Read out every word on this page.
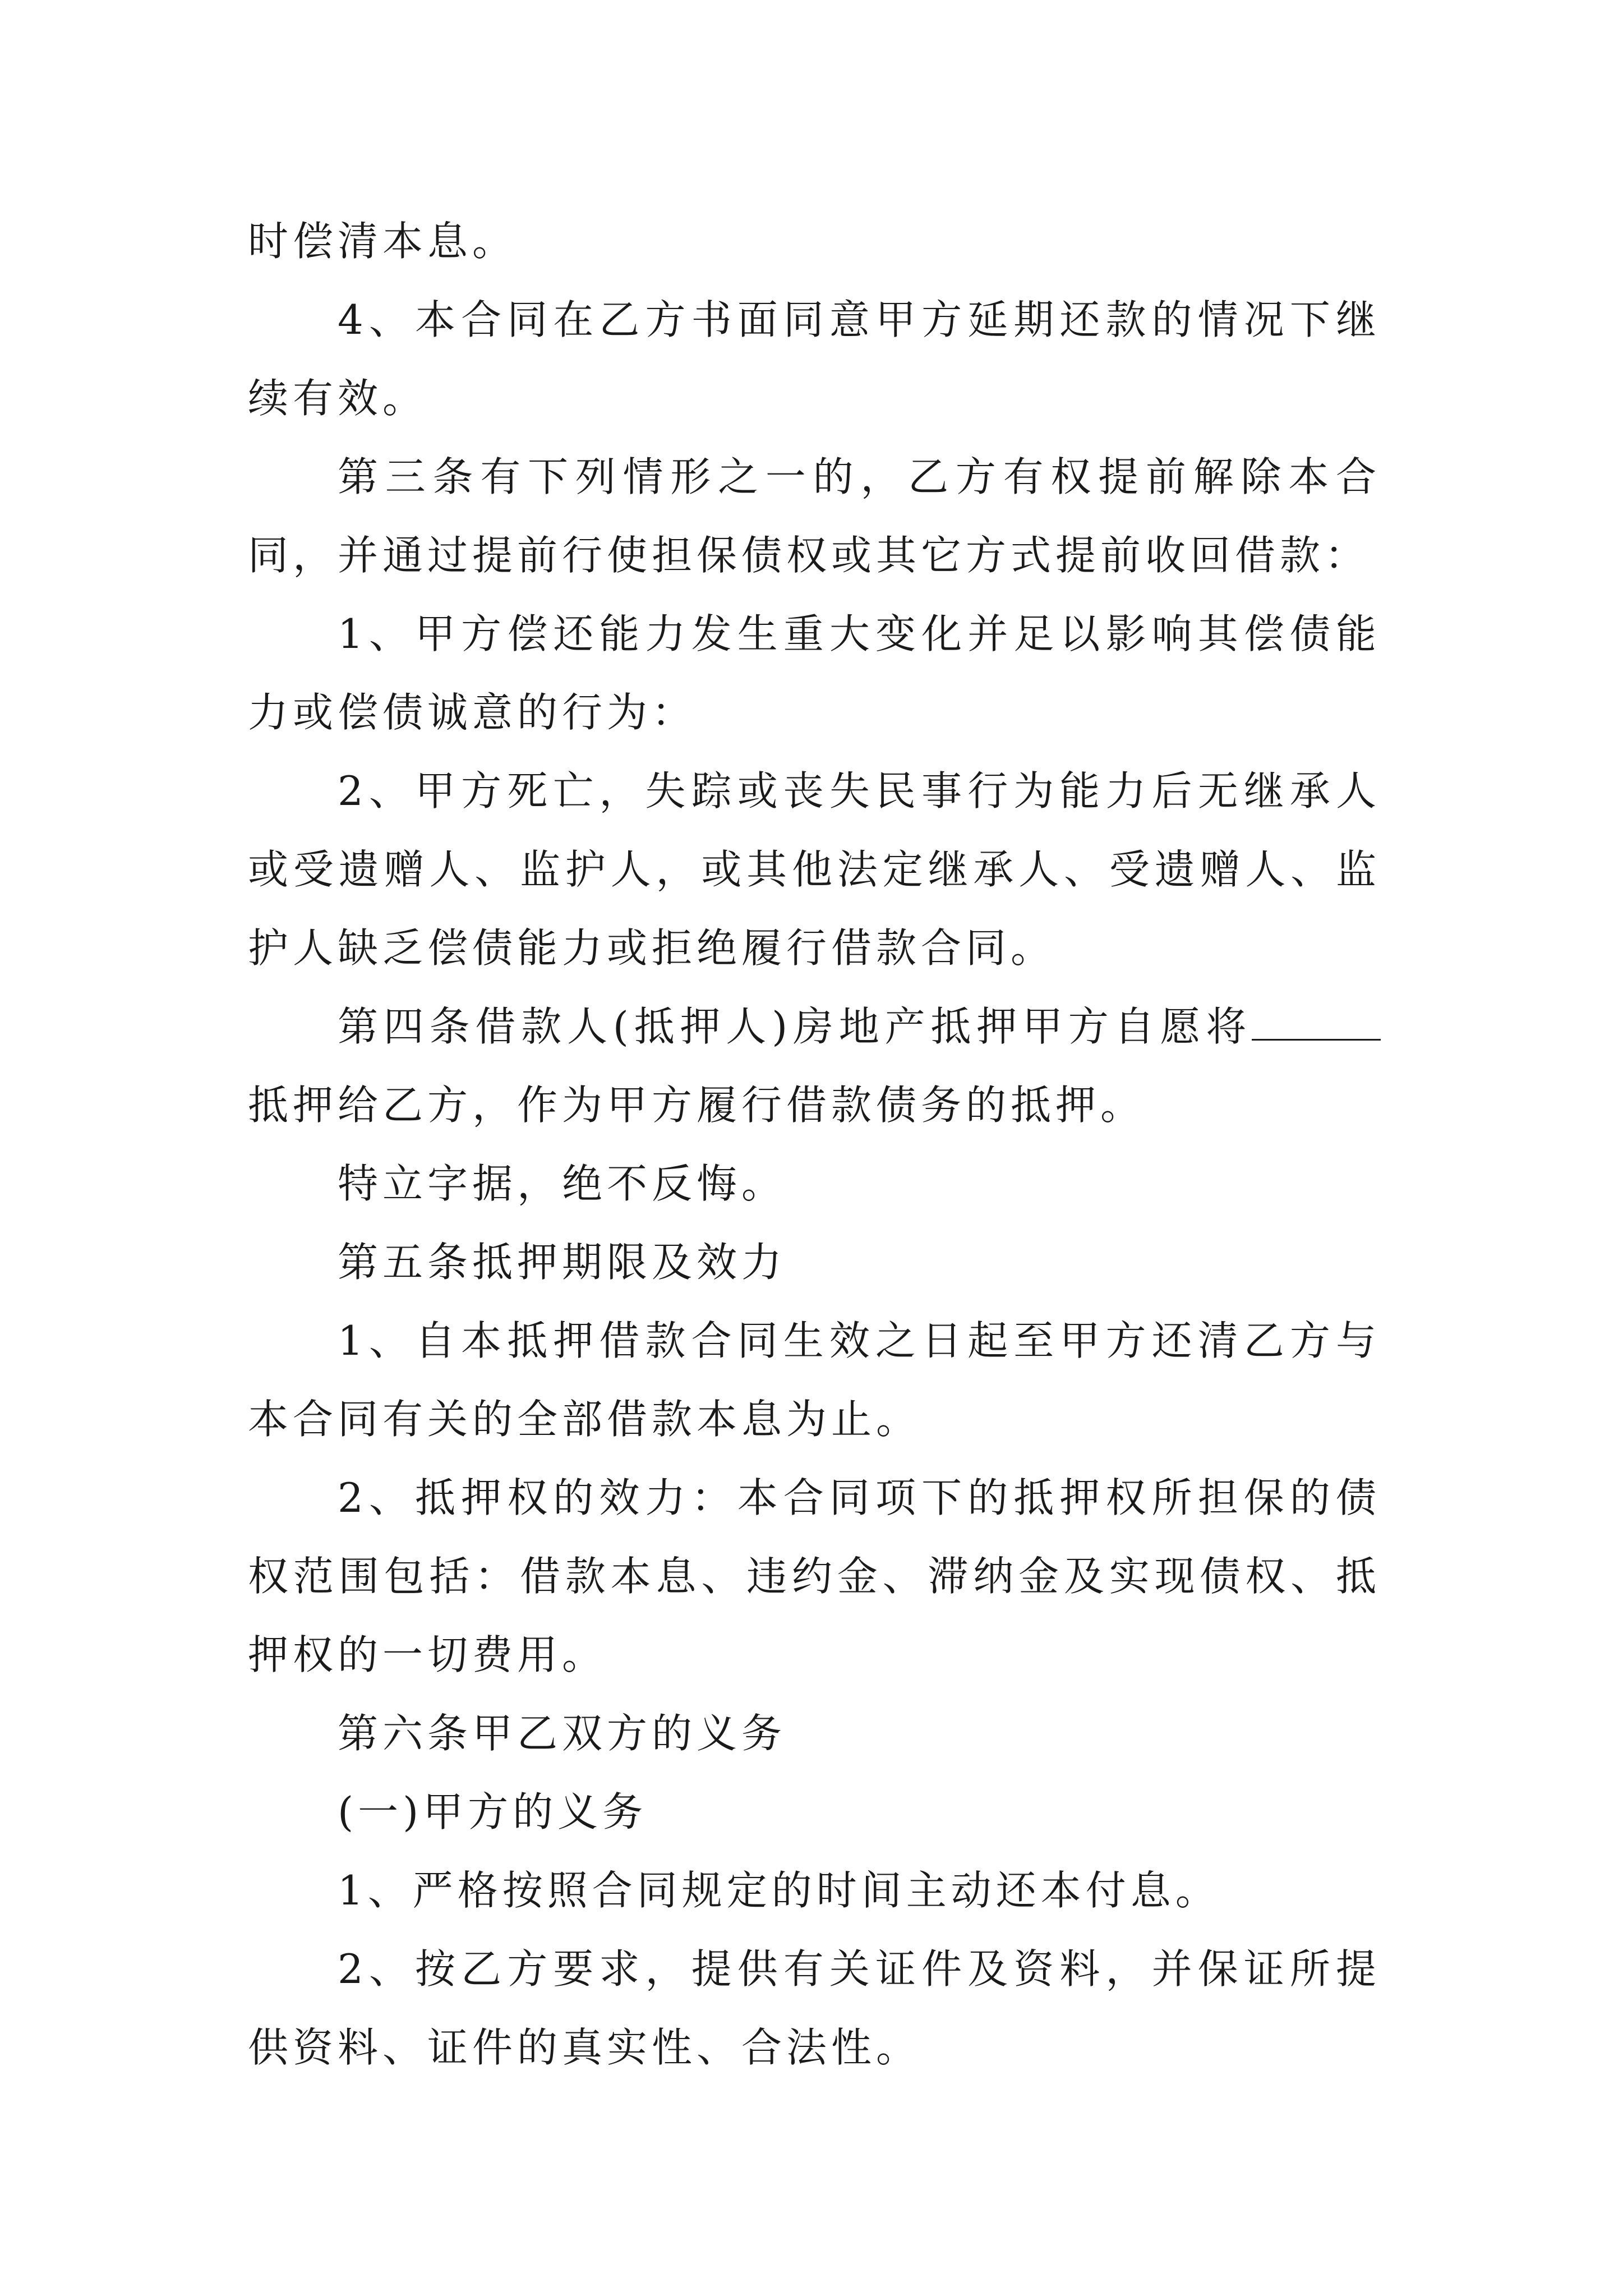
时偿清本息。

4、本合同在乙方书面同意甲方延期还款的情况下继续有效。

第三条有下列情形之一的，乙方有权提前解除本合同，并通过提前行使担保债权或其它方式提前收回借款：

1、甲方偿还能力发生重大变化并足以影响其偿债能力或偿债诚意的行为：

2、甲方死亡，失踪或丧失民事行为能力后无继承人或受遗赠人、监护人，或其他法定继承人、受遗赠人、监护人缺乏偿债能力或拒绝履行借款合同。

第四条借款人(抵押人)房地产抵押甲方自愿将抵押给乙方，作为甲方履行借款债务的抵押。

特立字据，绝不反悔。

第五条抵押期限及效力

1、自本抵押借款合同生效之日起至甲方还清乙方与本合同有关的全部借款本息为止。

2、抵押权的效力：本合同项下的抵押权所担保的债权范围包括：借款本息、违约金、滞纳金及实现债权、抵押权的一切费用。

第六条甲乙双方的义务

(一)甲方的义务

1、严格按照合同规定的时间主动还本付息。

2、按乙方要求，提供有关证件及资料，并保证所提供资料、证件的真实性、合法性。
